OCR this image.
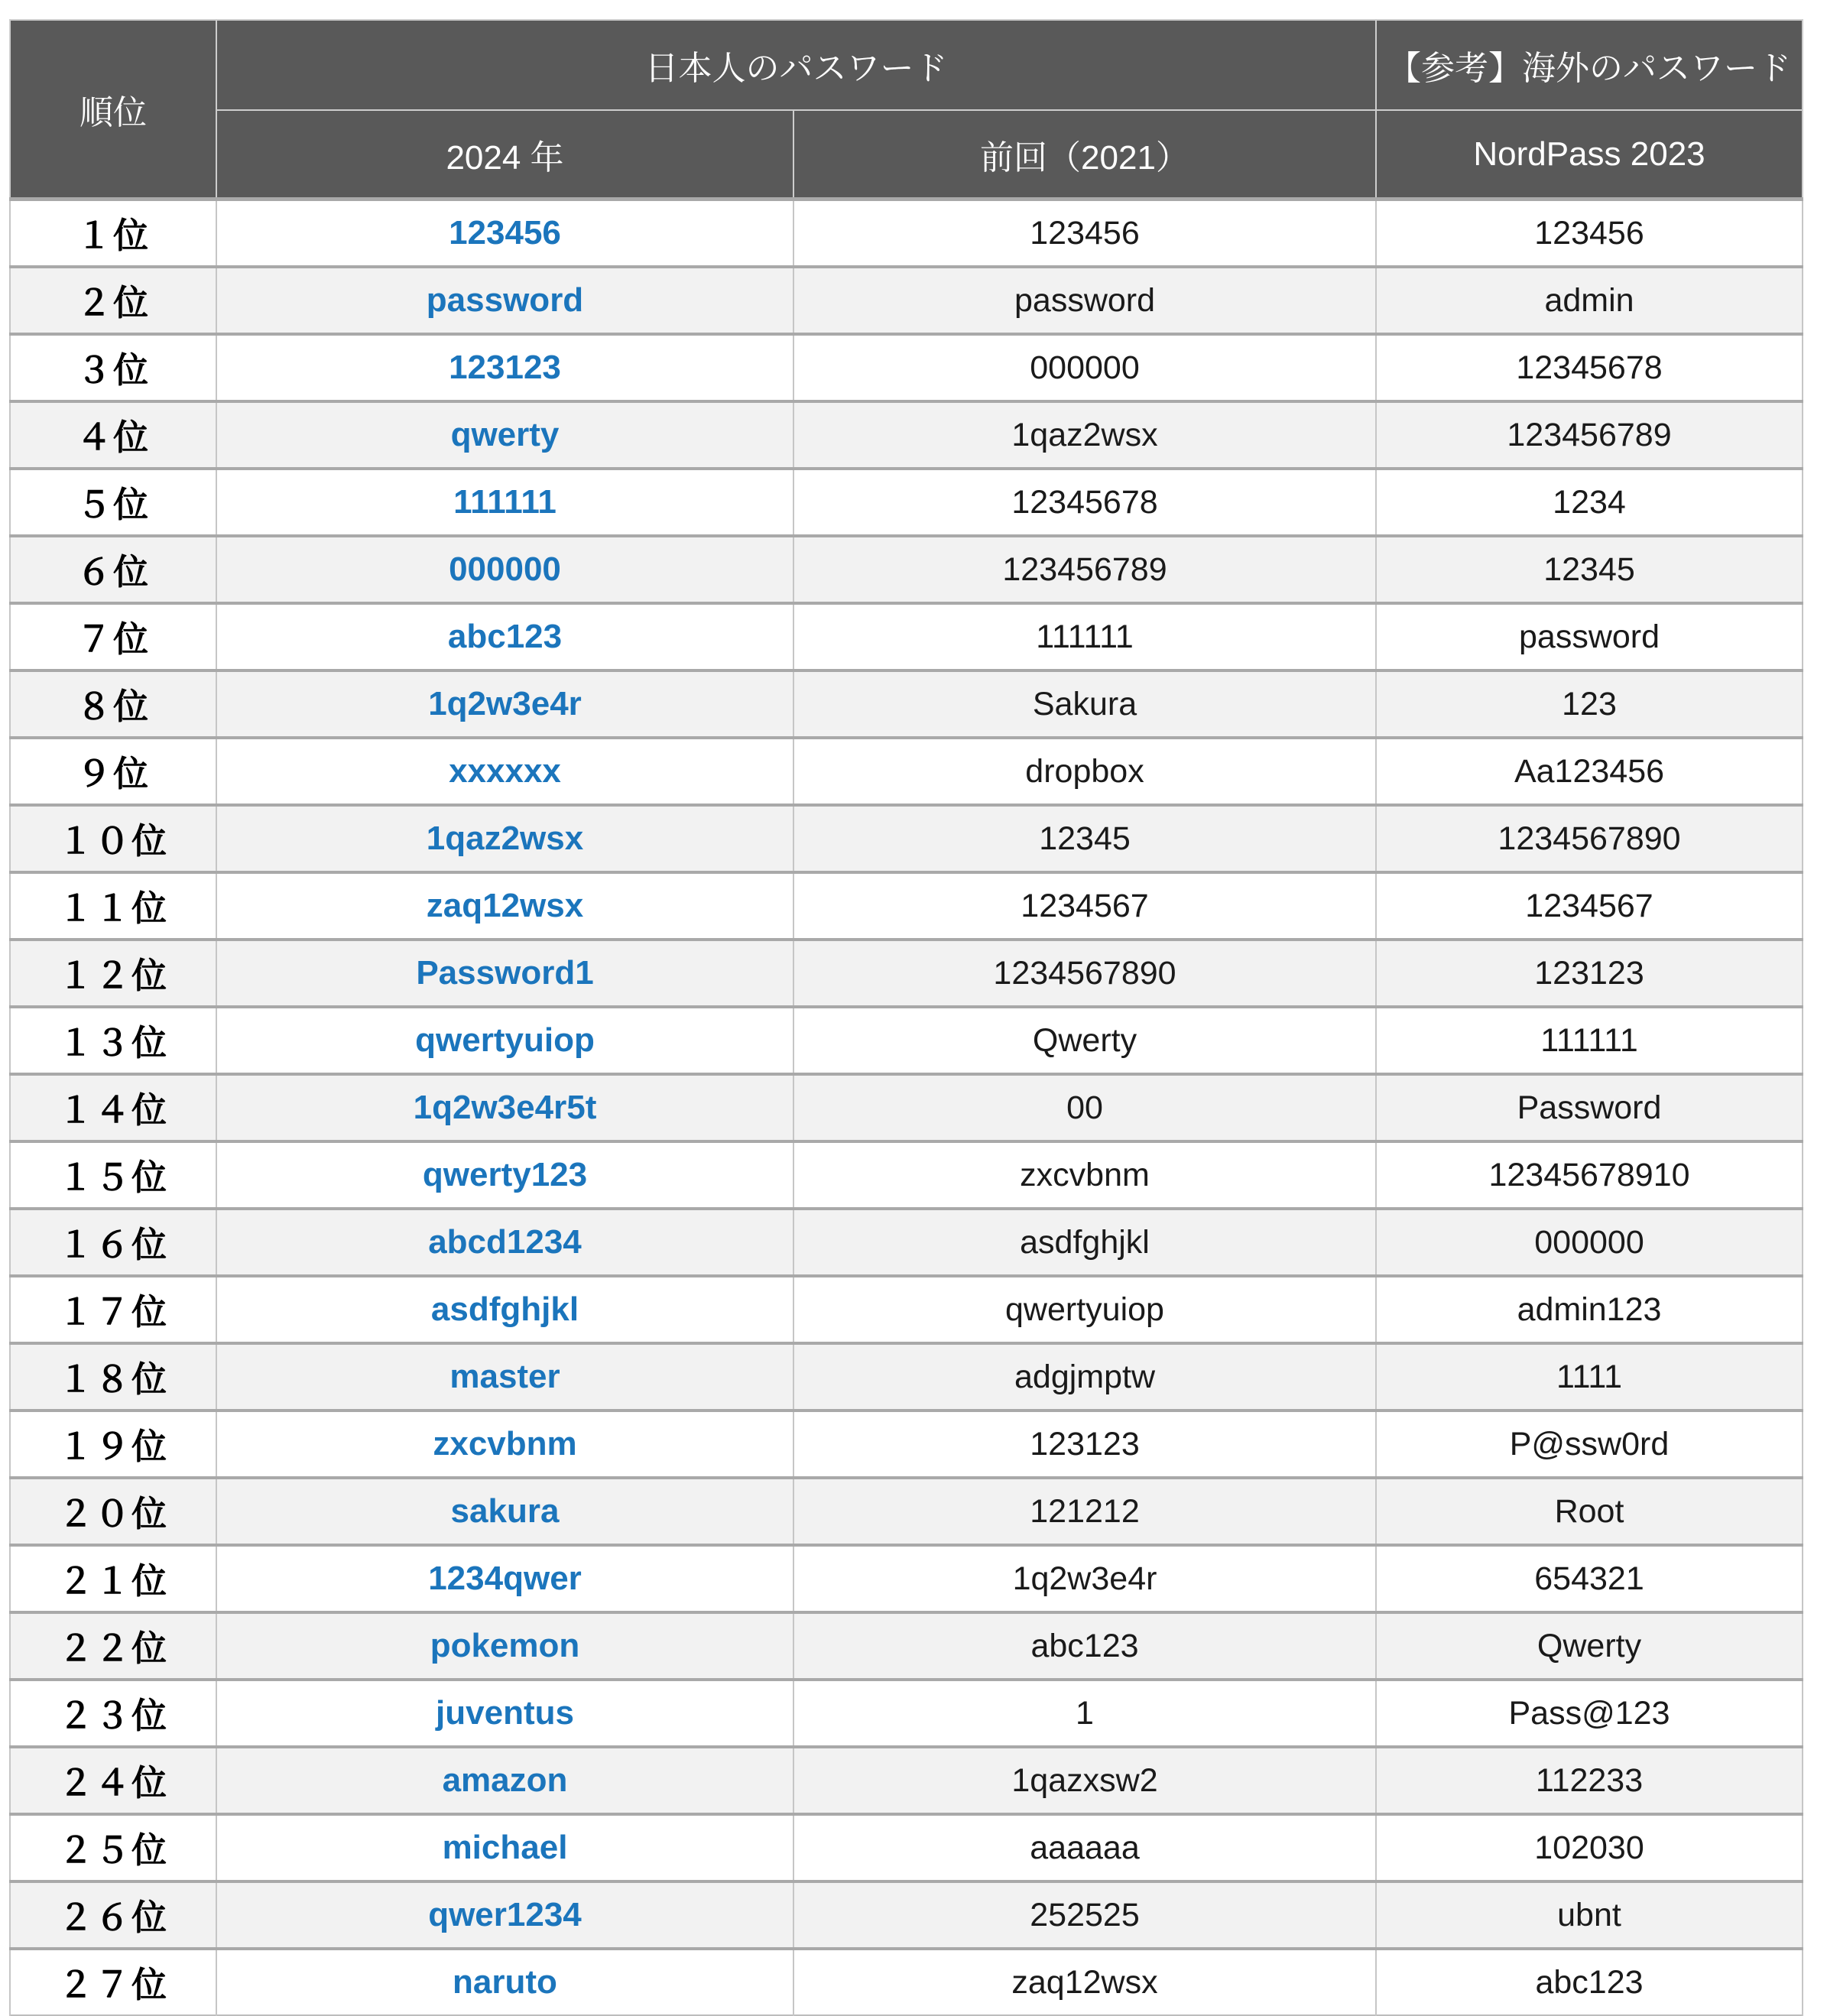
順位	日本人のパスワード		【参考】海外のパスワード
	2024 年	前回（2021）	NordPass 2023
１位	123456	123456	123456
２位	password	password	admin
３位	123123	000000	12345678
４位	qwerty	1qaz2wsx	123456789
５位	111111	12345678	1234
６位	000000	123456789	12345
７位	abc123	111111	password
８位	1q2w3e4r	Sakura	123
９位	xxxxxx	dropbox	Aa123456
１０位	1qaz2wsx	12345	1234567890
１１位	zaq12wsx	1234567	1234567
１２位	Password1	1234567890	123123
１３位	qwertyuiop	Qwerty	111111
１４位	1q2w3e4r5t	00	Password
１５位	qwerty123	zxcvbnm	12345678910
１６位	abcd1234	asdfghjkl	000000
１７位	asdfghjkl	qwertyuiop	admin123
１８位	master	adgjmptw	1111
１９位	zxcvbnm	123123	P@ssw0rd
２０位	sakura	121212	Root
２１位	1234qwer	1q2w3e4r	654321
２２位	pokemon	abc123	Qwerty
２３位	juventus	1	Pass@123
２４位	amazon	1qazxsw2	112233
２５位	michael	aaaaaa	102030
２６位	qwer1234	252525	ubnt
２７位	naruto	zaq12wsx	abc123
